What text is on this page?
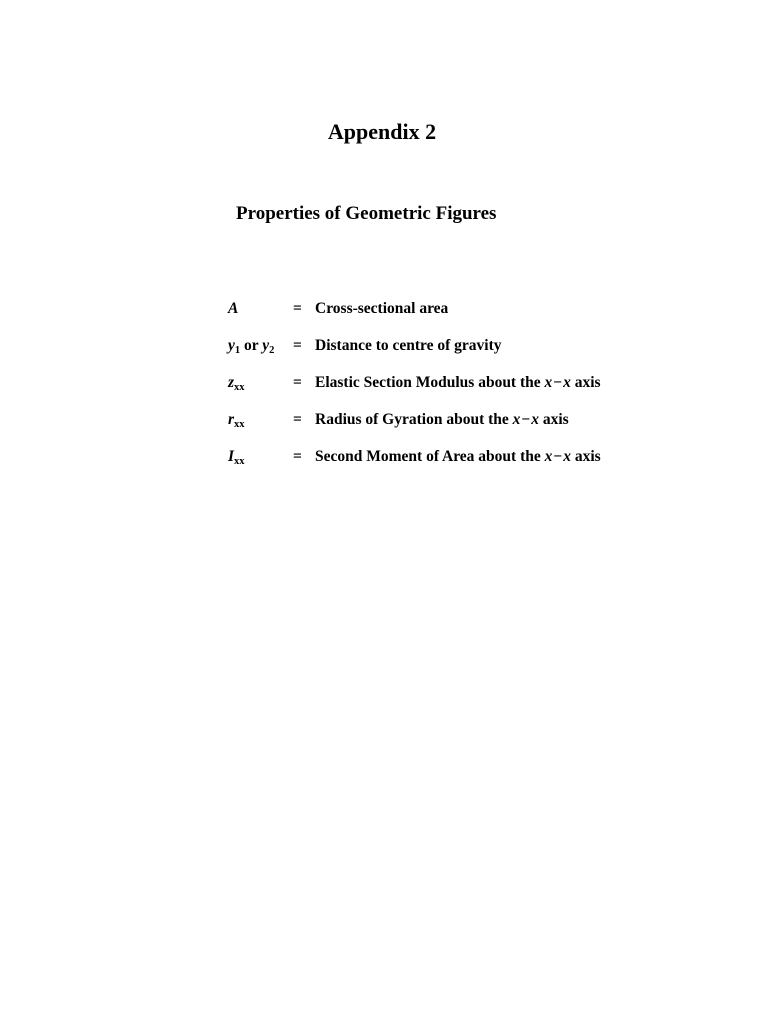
Appendix 2
Properties of Geometric Figures
A	= Cross-sectional area
$y_1$ or $y_2$ = Distance to centre of gravity
$z_{xx}$	= Elastic Section Modulus about the x−x axis
$r_{xx}$	= Radius of Gyration about the x−x axis
$I_{xx}$	= Second Moment of Area about the x−x axis
